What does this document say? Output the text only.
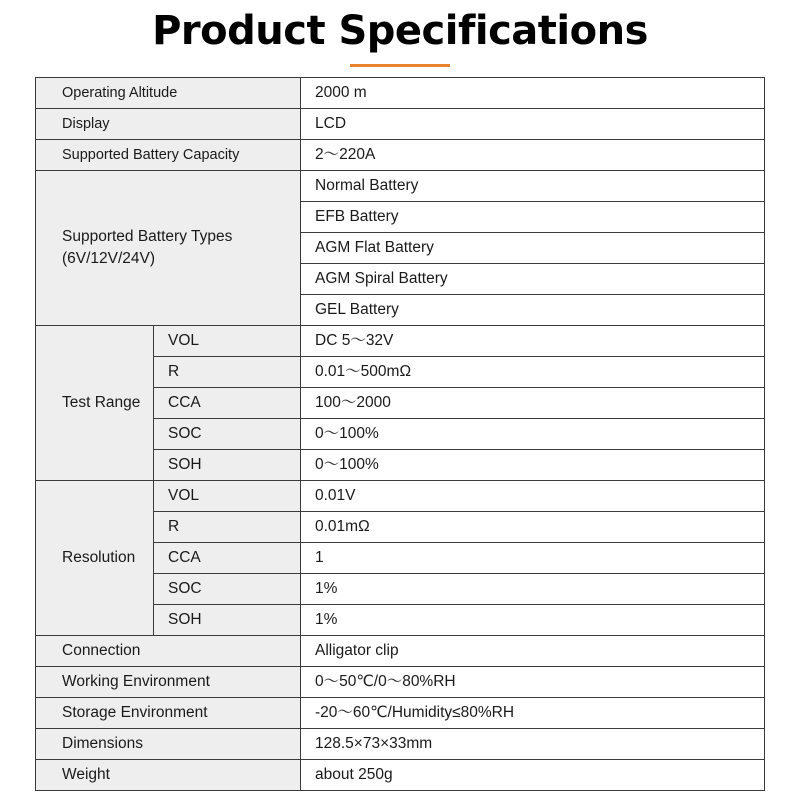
Product Specifications
Operating Altitude		2000 m
Display		LCD
Supported Battery Capacity		2～220A

Supported Battery Types
(6V/12V/24V)		Normal Battery
		EFB Battery
		AGM Flat Battery
		AGM Spiral Battery
		GEL Battery
Test Range	VOL	DC 5～32V
	R	0.01～500mΩ
	CCA	100～2000
	SOC	0～100%
	SOH	0～100%
Resolution	VOL	0.01V
	R	0.01mΩ
	CCA	1
	SOC	1%
	SOH	1%
Connection		Alligator clip
Working Environment		0～50℃/0～80%RH
Storage Environment		-20～60℃/Humidity≤80%RH
Dimensions		128.5×73×33mm
Weight		about 250g
